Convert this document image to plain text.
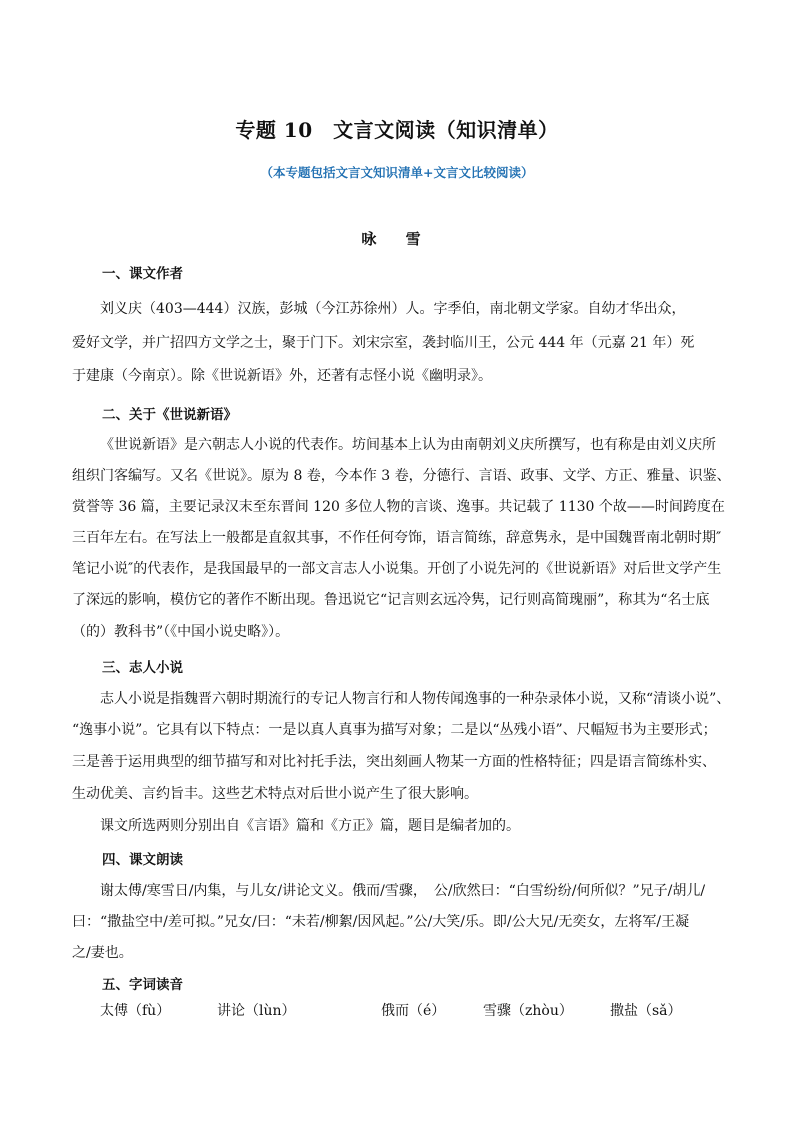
专题 10　文言文阅读（知识清单）
（本专题包括文言文知识清单+文言文比较阅读）
咏 雪
一、课文作者
刘义庆（403—444）汉族，彭城（今江苏徐州）人。字季伯，南北朝文学家。自幼才华出众，
爱好文学，并广招四方文学之士，聚于门下。刘宋宗室，袭封临川王，公元 444 年（元嘉 21 年）死
于建康（今南京）。除《世说新语》外，还著有志怪小说《幽明录》。
二、关于《世说新语》
《世说新语》是六朝志人小说的代表作。坊间基本上认为由南朝刘义庆所撰写，也有称是由刘义庆所
组织门客编写。又名《世说》。原为 8 卷，今本作 3 卷，分德行、言语、政事、文学、方正、雅量、识鉴、
赏誉等 36 篇，主要记录汉末至东晋间 120 多位人物的言谈、逸事。共记载了 1130 个故——时间跨度在
三百年左右。在写法上一般都是直叙其事，不作任何夸饰，语言简练，辞意隽永，是中国魏晋南北朝时期″
笔记小说″的代表作，是我国最早的一部文言志人小说集。开创了小说先河的《世说新语》对后世文学产生
了深远的影响，模仿它的著作不断出现。鲁迅说它“记言则玄远冷隽，记行则高简瑰丽”，称其为“名士底
（的）教科书”（《中国小说史略》）。
三、志人小说
志人小说是指魏晋六朝时期流行的专记人物言行和人物传闻逸事的一种杂录体小说，又称“清谈小说”、
“逸事小说”。它具有以下特点：一是以真人真事为描写对象；二是以“丛残小语”、尺幅短书为主要形式；
三是善于运用典型的细节描写和对比衬托手法，突出刻画人物某一方面的性格特征；四是语言简练朴实、
生动优美、言约旨丰。这些艺术特点对后世小说产生了很大影响。
课文所选两则分别出自《言语》篇和《方正》篇，题目是编者加的。
四、课文朗读
谢太傅/寒雪日/内集，与儿女/讲论文义。俄而/雪骤，　公/欣然曰：“白雪纷纷/何所似？”兄子/胡儿/
曰：“撒盐空中/差可拟。”兄女/曰：“未若/柳絮/因风起。”公/大笑/乐。即/公大兄/无奕女，左将军/王凝
之/妻也。
五、字词读音
太傅（fù）	讲论（lùn）	俄而（é）	雪骤（zhòu）	撒盐（sǎ）
